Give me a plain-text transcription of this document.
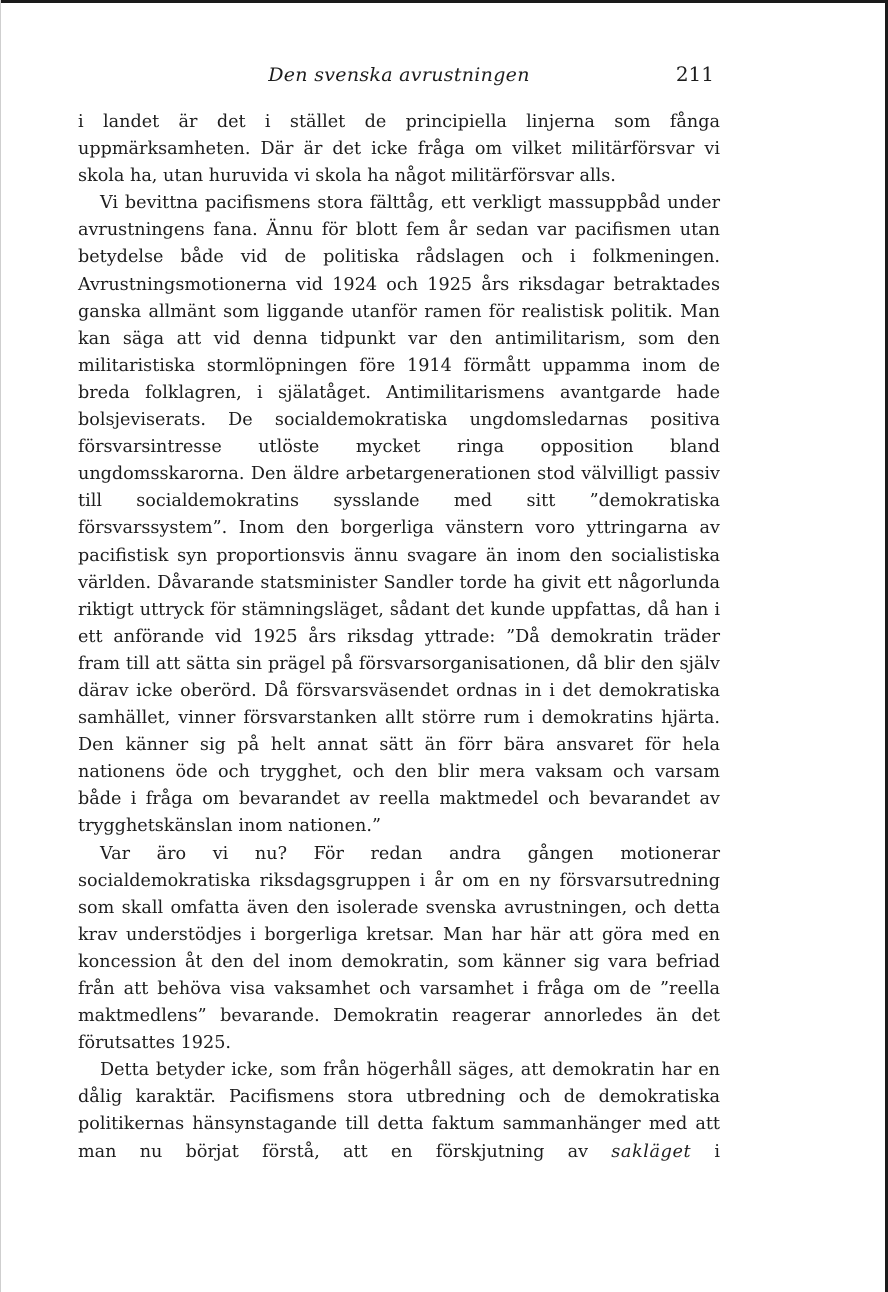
Den svenska avrustningen	211

i landet är det i stället de principiella linjerna som fånga uppmärksamheten. Där är det icke fråga om vilket militärförsvar vi skola ha, utan huruvida vi skola ha något militärförsvar alls.

Vi bevittna pacifismens stora fälttåg, ett verkligt massuppbåd under avrustningens fana. Ännu för blott fem år sedan var pacifismen utan betydelse både vid de politiska rådslagen och i folkmeningen. Avrustningsmotionerna vid 1924 och 1925 års riksdagar betraktades ganska allmänt som liggande utanför ramen för realistisk politik. Man kan säga att vid denna tidpunkt var den antimilitarism, som den militaristiska stormlöpningen före 1914 förmått uppamma inom de breda folklagren, i själatåget. Antimilitarismens avantgarde hade bolsjeviserats. De socialdemokratiska ungdomsledarnas positiva försvarsintresse utlöste mycket ringa opposition bland ungdomsskarorna. Den äldre arbetargenerationen stod välvilligt passiv till socialdemokratins sysslande med sitt ”demokratiska försvarssystem”. Inom den borgerliga vänstern voro yttringarna av pacifistisk syn proportionsvis ännu svagare än inom den socialistiska världen. Dåvarande statsminister Sandler torde ha givit ett någorlunda riktigt uttryck för stämningsläget, sådant det kunde uppfattas, då han i ett anförande vid 1925 års riksdag yttrade: ”Då demokratin träder fram till att sätta sin prägel på försvarsorganisationen, då blir den själv därav icke oberörd. Då försvarsväsendet ordnas in i det demokratiska samhället, vinner försvarstanken allt större rum i demokratins hjärta. Den känner sig på helt annat sätt än förr bära ansvaret för hela nationens öde och trygghet, och den blir mera vaksam och varsam både i fråga om bevarandet av reella maktmedel och bevarandet av trygghetskänslan inom nationen.”

Var äro vi nu? För redan andra gången motionerar socialdemokratiska riksdagsgruppen i år om en ny försvarsutredning som skall omfatta även den isolerade svenska avrustningen, och detta krav understödjes i borgerliga kretsar. Man har här att göra med en koncession åt den del inom demokratin, som känner sig vara befriad från att behöva visa vaksamhet och varsamhet i fråga om de ”reella maktmedlens” bevarande. Demokratin reagerar annorledes än det förutsattes 1925.

Detta betyder icke, som från högerhåll säges, att demokratin har en dålig karaktär. Pacifismens stora utbredning och de demokratiska politikernas hänsynstagande till detta faktum sammanhänger med att man nu börjat förstå, att en förskjutning av sakläget i
